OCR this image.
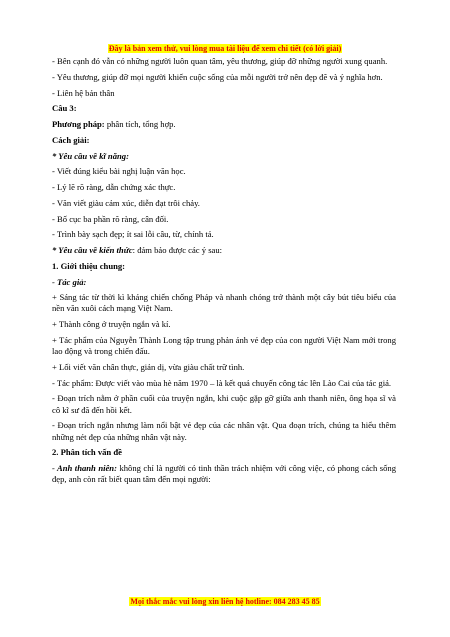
Đây là bản xem thử, vui lòng mua tài liệu để xem chi tiết (có lời giải)

- Bên cạnh đó vẫn có những người luôn quan tâm, yêu thương, giúp đỡ những người xung quanh.

- Yêu thương, giúp đỡ mọi người khiến cuộc sống của mỗi người trở nên đẹp đẽ và ý nghĩa hơn.

- Liên hệ bản thân

Câu 3:

Phương pháp: phân tích, tổng hợp.

Cách giải:

* Yêu cầu về kĩ năng:

- Viết đúng kiểu bài nghị luận văn học.

- Lý lẽ rõ ràng, dẫn chứng xác thực.

- Văn viết giàu cảm xúc, diễn đạt trôi chảy.

- Bố cục ba phần rõ ràng, cân đối.

- Trình bày sạch đẹp; ít sai lỗi câu, từ, chính tả.

* Yêu cầu về kiến thức: đảm bảo được các ý sau:

1. Giới thiệu chung:

- Tác giả:

+ Sáng tác từ thời kì kháng chiến chống Pháp và nhanh chóng trở thành một cây bút tiêu biểu của nền văn xuôi cách mạng Việt Nam.

+ Thành công ở truyện ngắn và kí.

+ Tác phẩm của Nguyễn Thành Long tập trung phản ánh vẻ đẹp của con người Việt Nam mới trong lao động và trong chiến đấu.

+ Lối viết văn chân thực, giản dị, vừa giàu chất trữ tình.

- Tác phẩm: Được viết vào mùa hè năm 1970 – là kết quả chuyến công tác lên Lào Cai của tác giả.

- Đoạn trích nằm ở phần cuối của truyện ngắn, khi cuộc gặp gỡ giữa anh thanh niên, ông họa sĩ và cô kĩ sư đã đến hồi kết.

- Đoạn trích ngắn nhưng làm nổi bật vẻ đẹp của các nhân vật. Qua đoạn trích, chúng ta hiểu thêm những nét đẹp của những nhân vật này.

2. Phân tích vấn đề

- Anh thanh niên: không chỉ là người có tinh thần trách nhiệm với công việc, có phong cách sống đẹp, anh còn rất biết quan tâm đến mọi người:

Mọi thắc mắc vui lòng xin liên hệ hotline: 084 283 45 85
